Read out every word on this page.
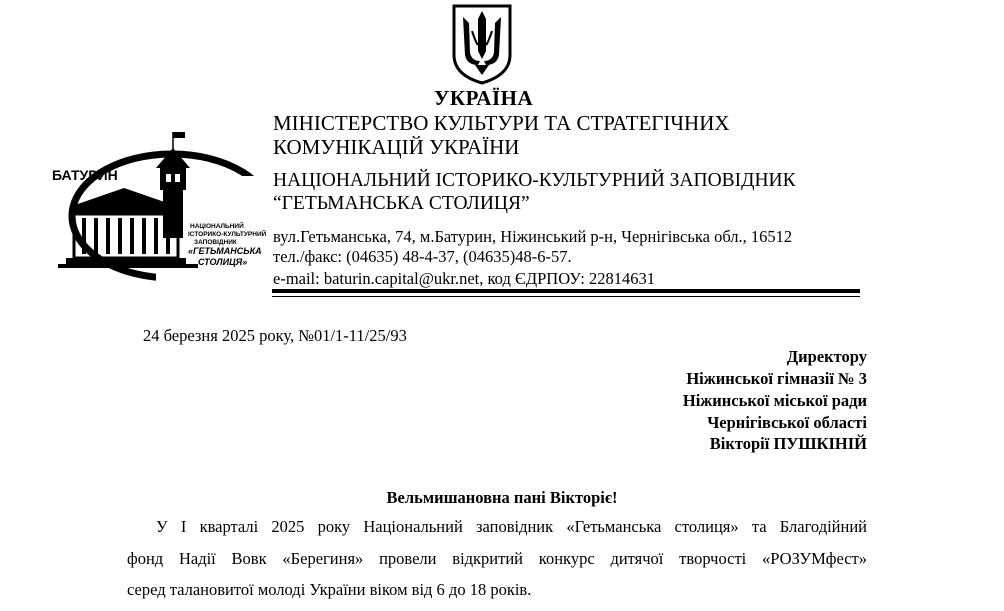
БАТУРИН
НАЦІОНАЛЬНИЙ
ІСТОРИКО-КУЛЬТУРНИЙ
ЗАПОВІДНИК
«ГЕТЬМАНСЬКА
СТОЛИЦЯ»
УКРАЇНА
МІНІСТЕРСТВО КУЛЬТУРИ ТА СТРАТЕГІЧНИХ
КОМУНІКАЦІЙ УКРАЇНИ
НАЦІОНАЛЬНИЙ ІСТОРИКО-КУЛЬТУРНИЙ ЗАПОВІДНИК
“ГЕТЬМАНСЬКА СТОЛИЦЯ”
вул.Гетьманська, 74, м.Батурин, Ніжинський р-н, Чернігівська обл., 16512
тел./факс: (04635) 48-4-37, (04635)48-6-57.
e-mail: baturin.capital@ukr.net, код ЄДРПОУ: 22814631
24 березня 2025 року, №01/1-11/25/93
Директору
Ніжинської гімназії № 3
Ніжинської міської ради
Чернігівської області
Вікторії ПУШКІНІЙ
Вельмишановна пані Вікторіє!
У І кварталі 2025 року Національний заповідник «Гетьманська столиця» та Благодійний
фонд Надії Вовк «Берегиня» провели відкритий конкурс дитячої творчості «РОЗУМфест»
серед талановитої молоді України віком від 6 до 18 років.
